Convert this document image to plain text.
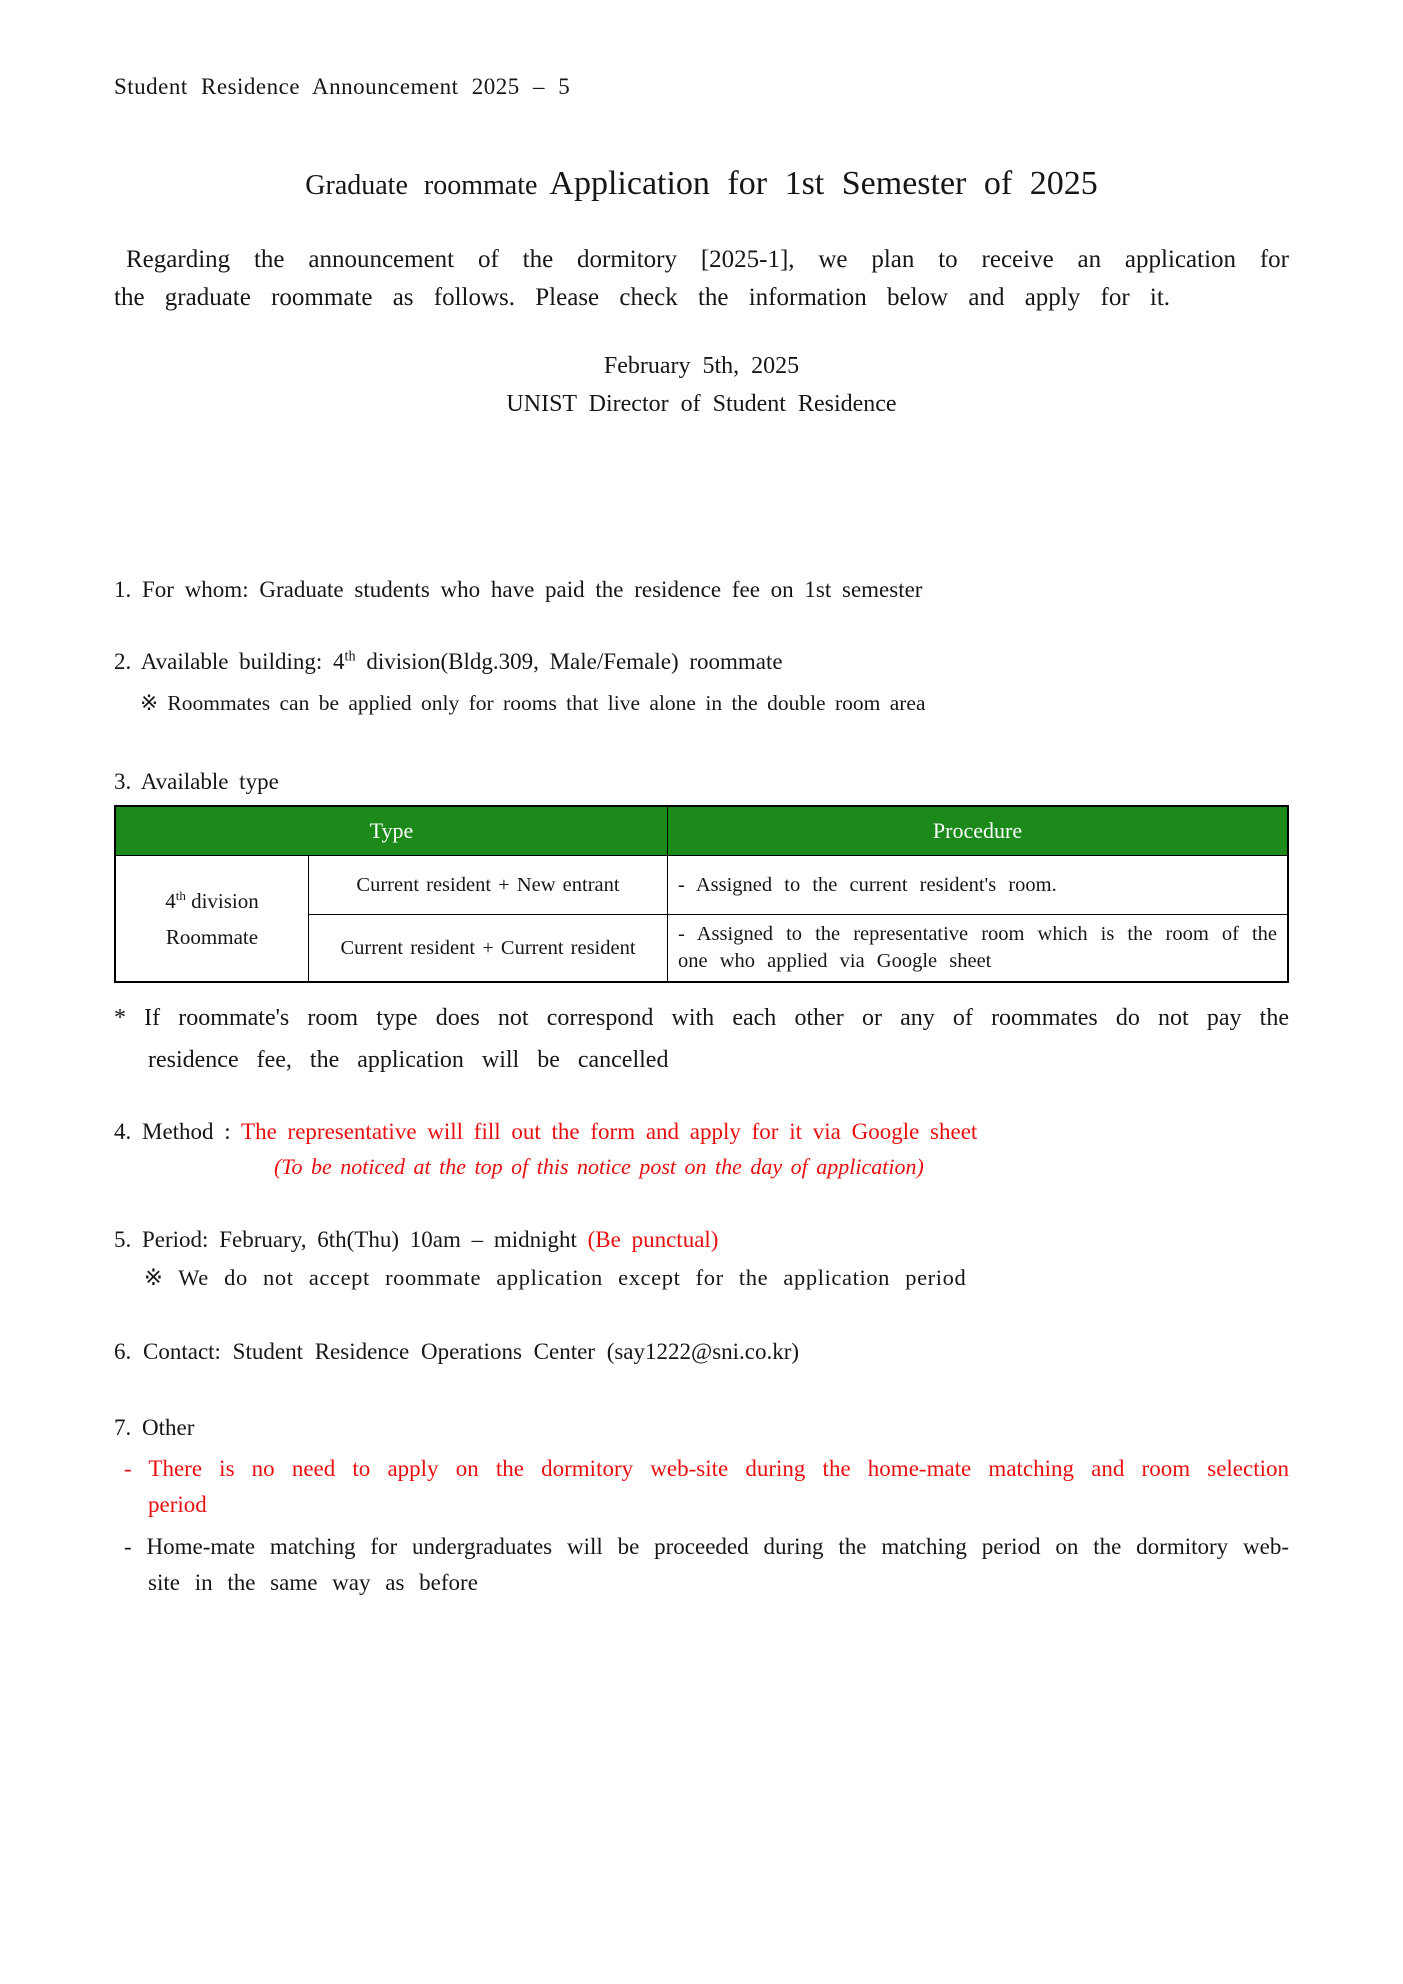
Student Residence Announcement 2025 – 5
Graduate roommate Application for 1st Semester of 2025

Regarding the announcement of the dormitory [2025-1], we plan to receive an application for the graduate roommate as follows. Please check the information below and apply for it.

February 5th, 2025
UNIST Director of Student Residence
1. For whom: Graduate students who have paid the residence fee on 1st semester
2. Available building: 4th division(Bldg.309, Male/Female) roommate
※ Roommates can be applied only for rooms that live alone in the double room area
3. Available type
Type		Procedure
4th division
Roommate	Current resident + New entrant	- Assigned to the current resident's room.
	Current resident + Current resident	- Assigned to the representative room which is the room of the one who applied via Google sheet
* If roommate's room type does not correspond with each other or any of roommates do not pay the residence fee, the application will be cancelled
4. Method : The representative will fill out the form and apply for it via Google sheet
(To be noticed at the top of this notice post on the day of application)
5. Period: February, 6th(Thu) 10am – midnight (Be punctual)
※ We do not accept roommate application except for the application period
6. Contact: Student Residence Operations Center (say1222@sni.co.kr)
7. Other
- There is no need to apply on the dormitory web-site during the home-mate matching and room selection period
- Home-mate matching for undergraduates will be proceeded during the matching period on the dormitory web-site in the same way as before
